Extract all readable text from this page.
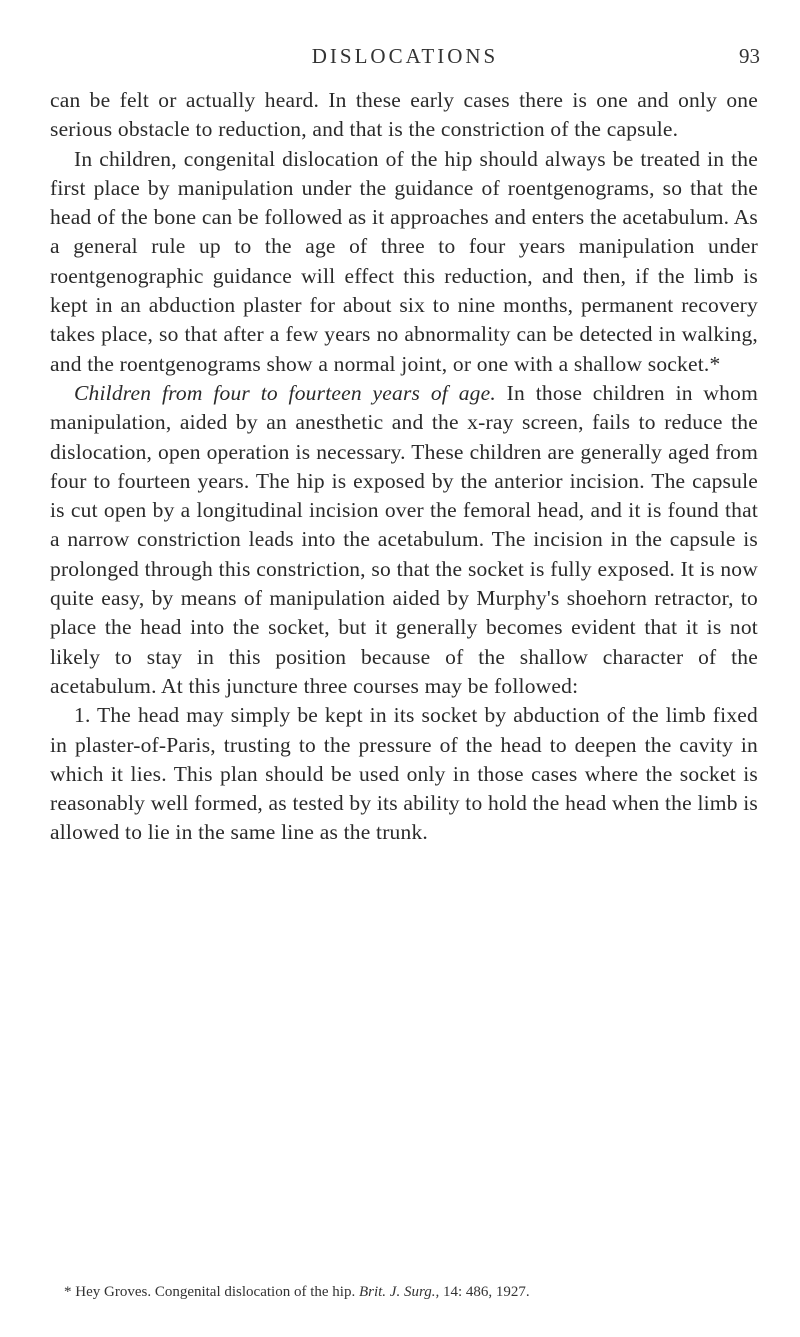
DISLOCATIONS	93

can be felt or actually heard. In these early cases there is one and only one serious obstacle to reduction, and that is the constriction of the capsule.

In children, congenital dislocation of the hip should always be treated in the first place by manipulation under the guidance of roentgenograms, so that the head of the bone can be followed as it approaches and enters the acetabulum. As a general rule up to the age of three to four years manipulation under roentgenographic guidance will effect this reduction, and then, if the limb is kept in an abduction plaster for about six to nine months, permanent recovery takes place, so that after a few years no abnormality can be detected in walking, and the roentgenograms show a normal joint, or one with a shallow socket.*

Children from four to fourteen years of age. In those children in whom manipulation, aided by an anesthetic and the x-ray screen, fails to reduce the dislocation, open operation is necessary. These children are generally aged from four to fourteen years. The hip is exposed by the anterior incision. The capsule is cut open by a longitudinal incision over the femoral head, and it is found that a narrow constriction leads into the acetabulum. The incision in the capsule is prolonged through this constriction, so that the socket is fully exposed. It is now quite easy, by means of manipulation aided by Murphy's shoehorn retractor, to place the head into the socket, but it generally becomes evident that it is not likely to stay in this position because of the shallow character of the acetabulum. At this juncture three courses may be followed:

1. The head may simply be kept in its socket by abduction of the limb fixed in plaster-of-Paris, trusting to the pressure of the head to deepen the cavity in which it lies. This plan should be used only in those cases where the socket is reasonably well formed, as tested by its ability to hold the head when the limb is allowed to lie in the same line as the trunk.

* Hey Groves. Congenital dislocation of the hip. Brit. J. Surg., 14: 486, 1927.
